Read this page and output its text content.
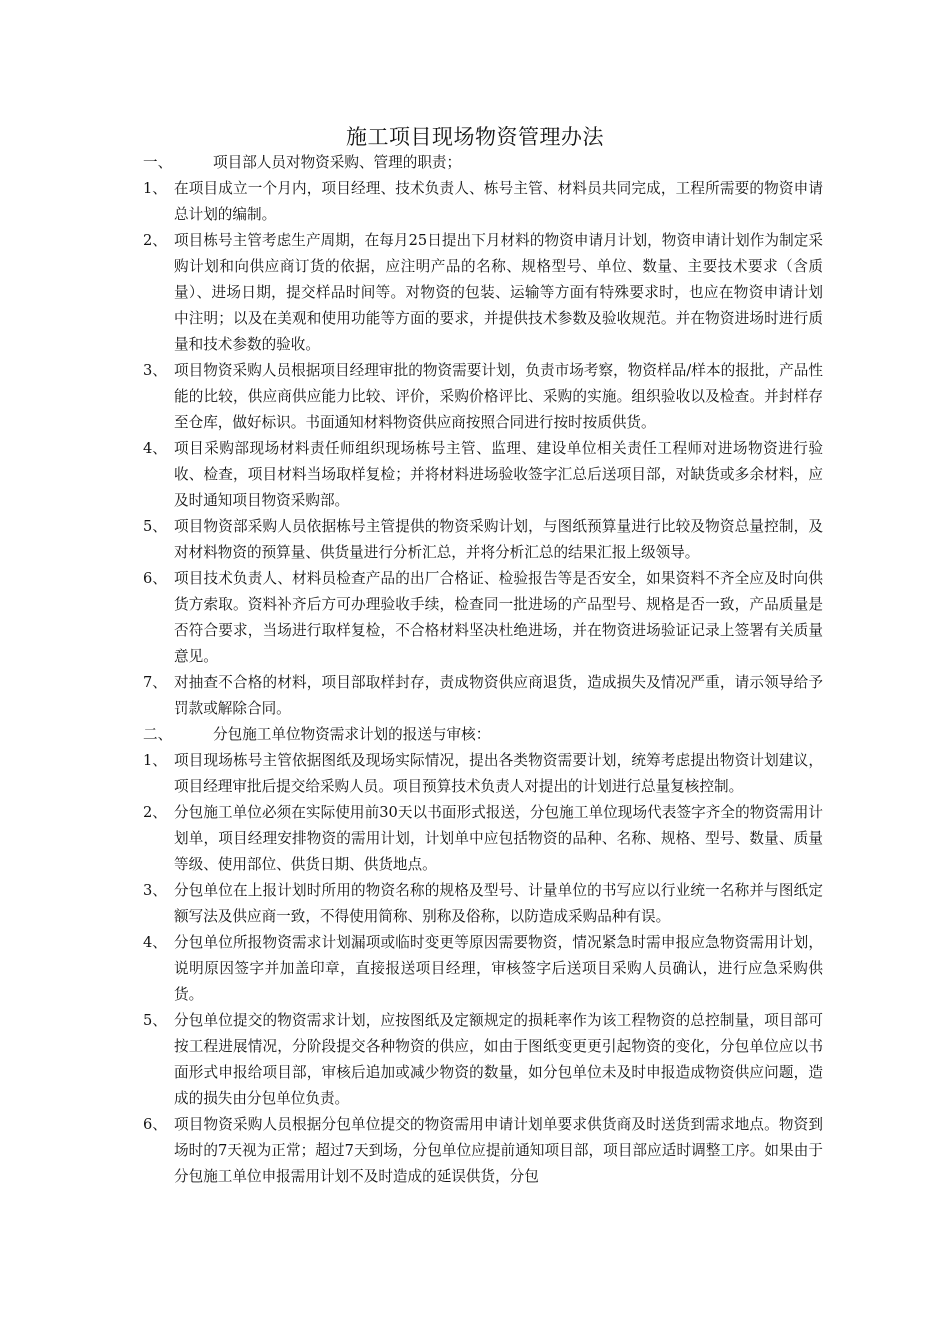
施工项目现场物资管理办法
一、	项目部人员对物资采购、管理的职责；
1、 在项目成立一个月内，项目经理、技术负责人、栋号主管、材料员共同完成，工程所需要的物资申请总计划的编制。
2、 项目栋号主管考虑生产周期，在每月25日提出下月材料的物资申请月计划，物资申请计划作为制定采购计划和向供应商订货的依据，应注明产品的名称、规格型号、单位、数量、主要技术要求（含质量）、进场日期，提交样品时间等。对物资的包装、运输等方面有特殊要求时，也应在物资申请计划中注明；以及在美观和使用功能等方面的要求，并提供技术参数及验收规范。并在物资进场时进行质量和技术参数的验收。
3、 项目物资采购人员根据项目经理审批的物资需要计划，负责市场考察，物资样品/样本的报批，产品性能的比较，供应商供应能力比较、评价，采购价格评比、采购的实施。组织验收以及检查。并封样存至仓库，做好标识。书面通知材料物资供应商按照合同进行按时按质供货。
4、 项目采购部现场材料责任师组织现场栋号主管、监理、建设单位相关责任工程师对进场物资进行验收、检查，项目材料当场取样复检；并将材料进场验收签字汇总后送项目部，对缺货或多余材料，应及时通知项目物资采购部。
5、 项目物资部采购人员依据栋号主管提供的物资采购计划，与图纸预算量进行比较及物资总量控制，及对材料物资的预算量、供货量进行分析汇总，并将分析汇总的结果汇报上级领导。
6、 项目技术负责人、材料员检查产品的出厂合格证、检验报告等是否安全，如果资料不齐全应及时向供货方索取。资料补齐后方可办理验收手续，检查同一批进场的产品型号、规格是否一致，产品质量是否符合要求，当场进行取样复检，不合格材料坚决杜绝进场，并在物资进场验证记录上签署有关质量意见。
7、 对抽查不合格的材料，项目部取样封存，责成物资供应商退货，造成损失及情况严重，请示领导给予罚款或解除合同。
二、	分包施工单位物资需求计划的报送与审核：
1、 项目现场栋号主管依据图纸及现场实际情况，提出各类物资需要计划，统筹考虑提出物资计划建议，项目经理审批后提交给采购人员。项目预算技术负责人对提出的计划进行总量复核控制。
2、 分包施工单位必须在实际使用前30天以书面形式报送，分包施工单位现场代表签字齐全的物资需用计划单，项目经理安排物资的需用计划，计划单中应包括物资的品种、名称、规格、型号、数量、质量等级、使用部位、供货日期、供货地点。
3、 分包单位在上报计划时所用的物资名称的规格及型号、计量单位的书写应以行业统一名称并与图纸定额写法及供应商一致，不得使用简称、别称及俗称，以防造成采购品种有误。
4、 分包单位所报物资需求计划漏项或临时变更等原因需要物资，情况紧急时需申报应急物资需用计划，说明原因签字并加盖印章，直接报送项目经理，审核签字后送项目采购人员确认，进行应急采购供货。
5、 分包单位提交的物资需求计划，应按图纸及定额规定的损耗率作为该工程物资的总控制量，项目部可按工程进展情况，分阶段提交各种物资的供应，如由于图纸变更更引起物资的变化，分包单位应以书面形式申报给项目部，审核后追加或减少物资的数量，如分包单位未及时申报造成物资供应问题，造成的损失由分包单位负责。
6、 项目物资采购人员根据分包单位提交的物资需用申请计划单要求供货商及时送货到需求地点。物资到场时的7天视为正常；超过7天到场，分包单位应提前通知项目部，项目部应适时调整工序。如果由于分包施工单位申报需用计划不及时造成的延误供货，分包
